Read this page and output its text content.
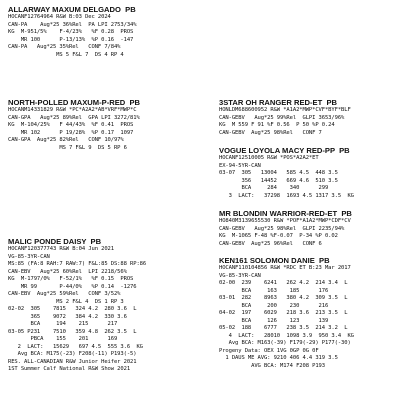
ALLARWAY MAXUM DELGADO  PB
HOCANF12764964 R&W B:03 Dec 2024
CAN-PA    Aug*25 36%Rel  PA LPI 2753/34%
KG  M-951/5%    F-4/23%   %F 0.28  PROS
MR 100      P-13/13%  %P 0.16  -147
CAN-PA   Aug*25 35%Rel   CONF 7/84%
MS 5 F&L 7  DS 4 RP 4
NORTH-POLLED MAXUM-P-RED  PB
HOCANM14331829 R&W *PC*A2A2*AB*VRF*MWP*C
CAN-GPA   Aug*25 89%Rel  GPA LPI 3272/81%
KG  M-104/25%   F 44/43%  %F 0.41  PROS
MR 102      P 19/28%  %P 0.17  1097
CAN-GPA  Aug*25 82%Rel   CONF 10/97%
MS 7 F&L 9  DS 5 RP 6
MALIC PONDE DAISY  PB
HOCANF120377743 R&W B:04 Jun 2021
VG-85-3YR-CAN
MS:85 (FA:8 RAH:7 RAW:7) F&L:85 DS:88 RP:86
CAN-EBV   Aug*25 60%Rel  LPI 2218/56%
KG  M-1797/0%   F-52/1%   %F 0.15  PROS
MR 99       P-44/0%   %P 0.14  -1276
CAN-EBV  Aug*25 59%Rel   CONF 3/52%
MS 2 F&L 4  DS 1 RP 3
02-02  305    7815   324 4.2  280 3.6  L
365    9072   384 4.2  330 3.6
BCA     194    215      217
03-05 P231    7510   359 4.8  262 3.5  L
PBCA    155    201      169
2  LACT:   15629   697 4.5  555 3.6  KG
Avg BCA: M175(-23) F208(-11) P193(-5)
RES. ALL-CANADIAN R&W Junior Heifer 2021
1ST Summer Calf National R&W Show 2021
3STAR OH RANGER RED-ET  PB
HONLDM688600952 R&W *A1A2*MWP*CVF*BYF*BLF
CAN-GEBV   Aug*25 99%Rel  GLPI 3653/96%
KG  M 559 F 91 %F 0.56  P 50 %P 0.24
CAN-GEBV  Aug*25 98%Rel   CONF 7
VOGUE LOYOLA MACY RED-PP  PB
HOCANF12510005 R&W *POS*A2A2*ET
EX-94-5YR-CAN
03-07  305   13004   585 4.5  448 3.5
356   14452   669 4.6  510 3.5
BCA     284    340      299
3  LACT:   37298  1693 4.5 1317 3.5  KG
MR BLONDIN WARRIOR-RED-ET  PB
HO840M3139655530 R&W *POF*A1A2*MWP*CDF*CV
CAN-GEBV   Aug*25 98%Rel  GLPI 2235/94%
KG  M-1065 F-48 %F-0.07  P-34 %P 0.02
CAN-GEBV  Aug*25 96%Rel   CONF 6
KEN161 SOLOMON DANIE  PB
HOCANF110104856 R&W *RDC ET B:23 Mar 2017
VG-85-3YR-CAN
02-00  239    6241   262 4.2  214 3.4  L
BCA     163    185      176
03-01  282    8963   380 4.2  309 3.5  L
BCA     200    230      216
04-02  197    6029   218 3.6  213 3.5  L
BCA     126    123      139
05-02  188    6777   238 3.5  214 3.2  L
4  LACT:   28010  1098 3.9  950 3.4  KG
Avg BCA: M163(-39) F179(-29) P177(-30)
Progeny Data: OEX 1VG 0GP 0G 0F
1 DAUS ME AVG: 9210 406 4.4 319 3.5
AVG BCA: M174 F208 P193
